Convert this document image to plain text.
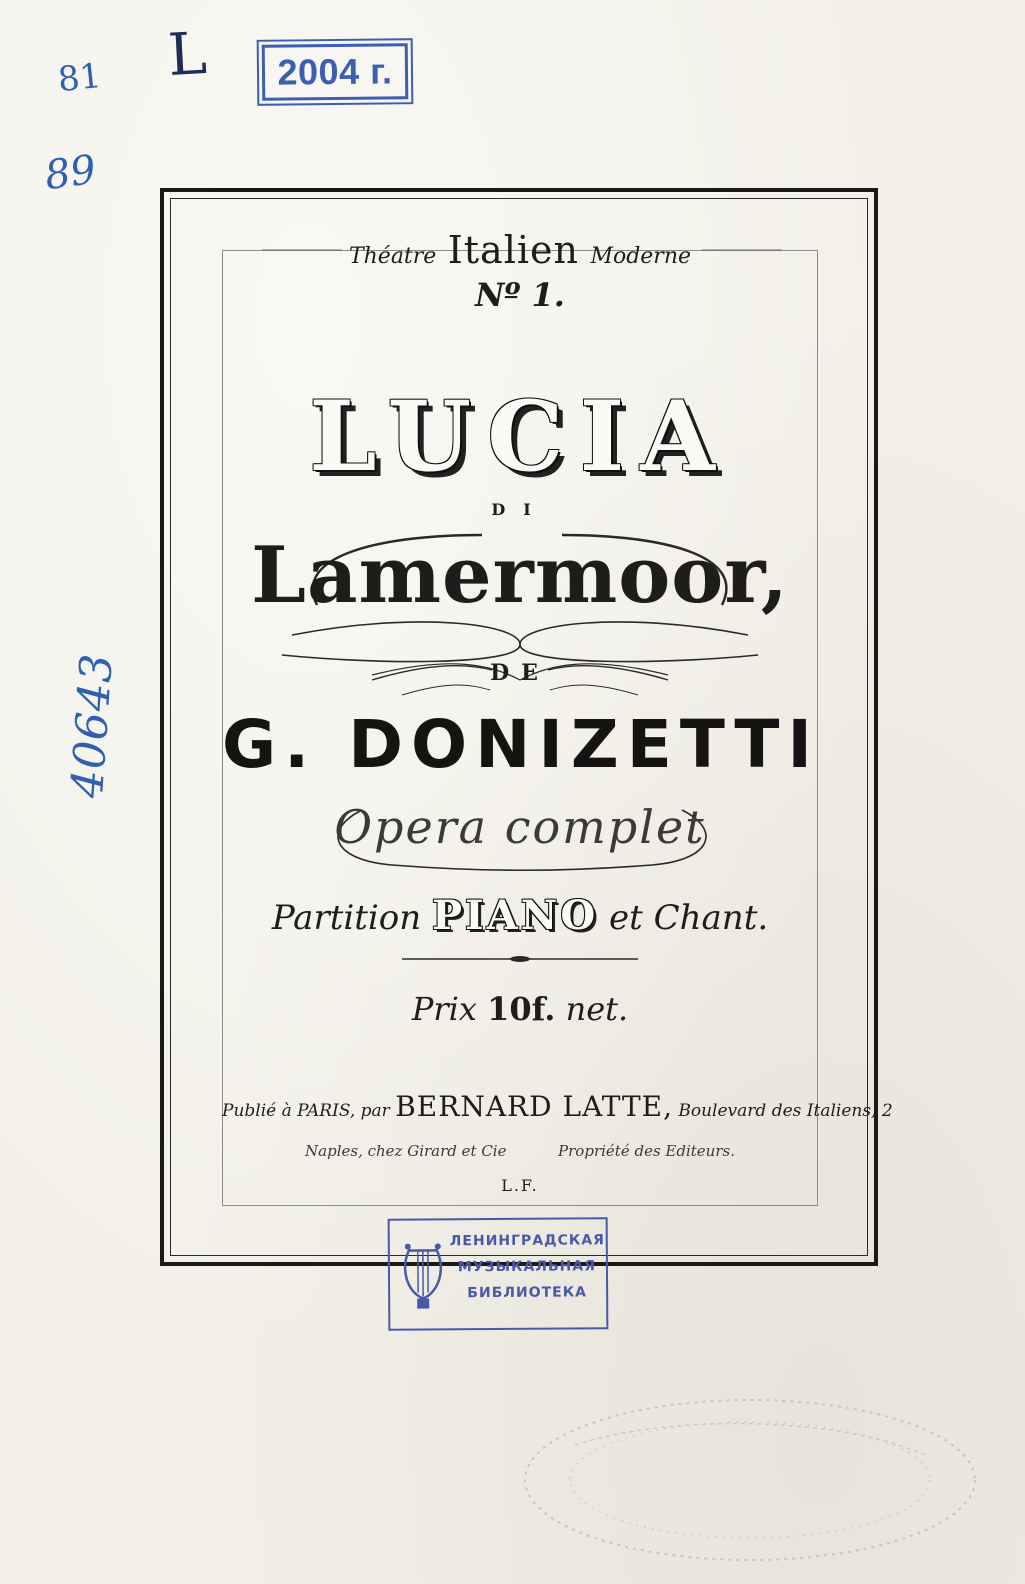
L	2004 г.
81
89
40643
Théatre Italien Moderne
Nº 1.
LUCIA
DI
Lamermoor,
DE
G. DONIZETTI
Opera complet
Partition PIANO et Chant.
Prix 10f. net.
Publié à PARIS, par BERNARD LATTE, Boulevard des Italiens, 2
Naples, chez Girard et Cie	Propriété des Editeurs.
L.F.
ЛЕНИНГРАДСКАЯ
МУЗЫКАЛЬНАЯ
БИБЛИОТЕКА
